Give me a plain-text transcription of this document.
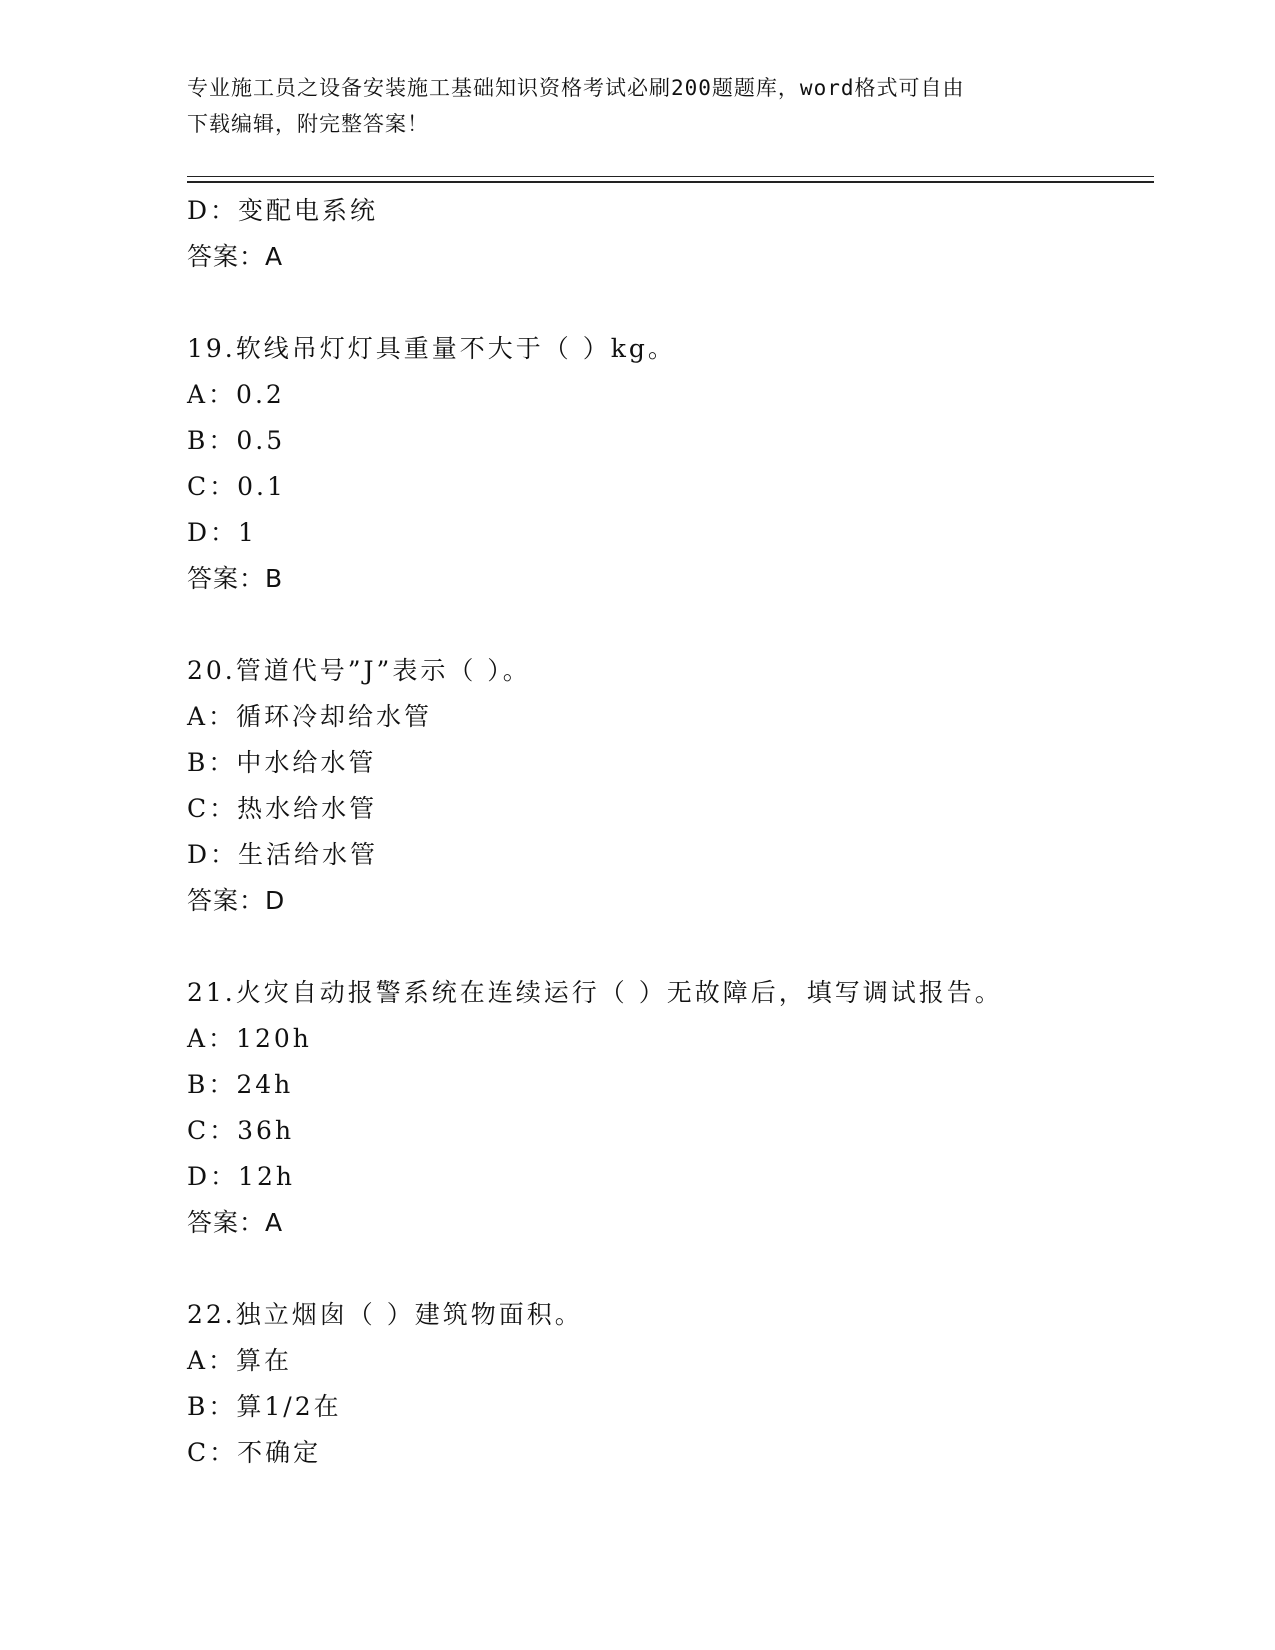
专业施工员之设备安装施工基础知识资格考试必刷200题题库，word格式可自由
下载编辑，附完整答案！
D：变配电系统
答案：A
19.软线吊灯灯具重量不大于（ ）kg。
A：0.2
B：0.5
C：0.1
D：1
答案：B
20.管道代号”J”表示（ ）。
A：循环冷却给水管
B：中水给水管
C：热水给水管
D：生活给水管
答案：D
21.火灾自动报警系统在连续运行（ ）无故障后，填写调试报告。
A：120h
B：24h
C：36h
D：12h
答案：A
22.独立烟囱（ ）建筑物面积。
A：算在
B：算1/2在
C：不确定
